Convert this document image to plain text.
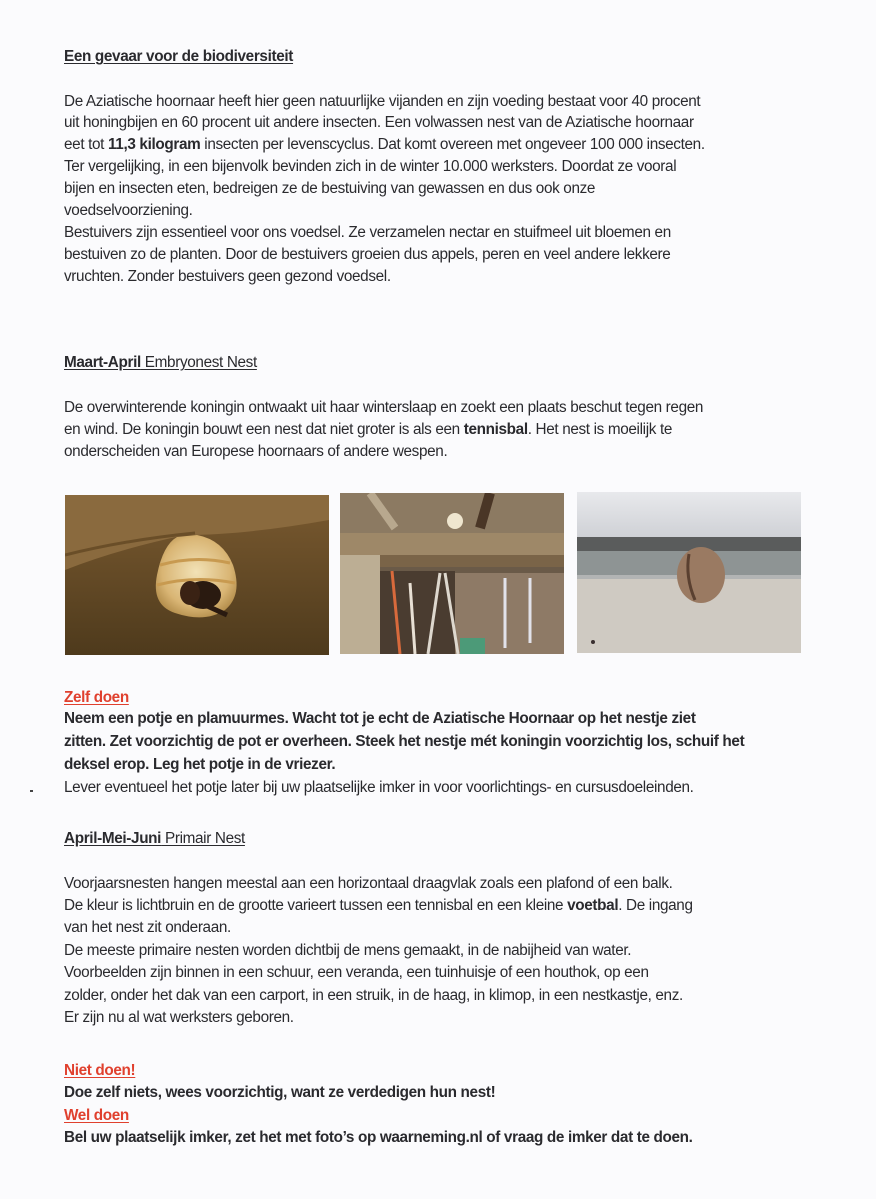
Een gevaar voor de biodiversiteit
De Aziatische hoornaar heeft hier geen natuurlijke vijanden en zijn voeding bestaat voor 40 procent
uit honingbijen en 60 procent uit andere insecten. Een volwassen nest van de Aziatische hoornaar
eet tot 11,3 kilogram insecten per levenscyclus. Dat komt overeen met ongeveer 100 000 insecten.
Ter vergelijking, in een bijenvolk bevinden zich in de winter 10.000 werksters. Doordat ze vooral
bijen en insecten eten, bedreigen ze de bestuiving van gewassen en dus ook onze
voedselvoorziening.
Bestuivers zijn essentieel voor ons voedsel. Ze verzamelen nectar en stuifmeel uit bloemen en
bestuiven zo de planten. Door de bestuivers groeien dus appels, peren en veel andere lekkere
vruchten. Zonder bestuivers geen gezond voedsel.
Maart-April Embryonest Nest
De overwinterende koningin ontwaakt uit haar winterslaap en zoekt een plaats beschut tegen regen
en wind. De koningin bouwt een nest dat niet groter is als een tennisbal. Het nest is moeilijk te
onderscheiden van Europese hoornaars of andere wespen.
Zelf doen
Neem een potje en plamuurmes. Wacht tot je echt de Aziatische Hoornaar op het nestje ziet
zitten. Zet voorzichtig de pot er overheen. Steek het nestje mét koningin voorzichtig los, schuif het
deksel erop. Leg het potje in de vriezer.
Lever eventueel het potje later bij uw plaatselijke imker in voor voorlichtings- en cursusdoeleinden.
April-Mei-Juni Primair Nest
Voorjaarsnesten hangen meestal aan een horizontaal draagvlak zoals een plafond of een balk.
De kleur is lichtbruin en de grootte varieert tussen een tennisbal en een kleine voetbal. De ingang
van het nest zit onderaan.
De meeste primaire nesten worden dichtbij de mens gemaakt, in de nabijheid van water.
Voorbeelden zijn binnen in een schuur, een veranda, een tuinhuisje of een houthok, op een
zolder, onder het dak van een carport, in een struik, in de haag, in klimop, in een nestkastje, enz.
Er zijn nu al wat werksters geboren.
Niet doen!
Doe zelf niets, wees voorzichtig, want ze verdedigen hun nest!
Wel doen
Bel uw plaatselijk imker, zet het met foto’s op waarneming.nl of vraag de imker dat te doen.
